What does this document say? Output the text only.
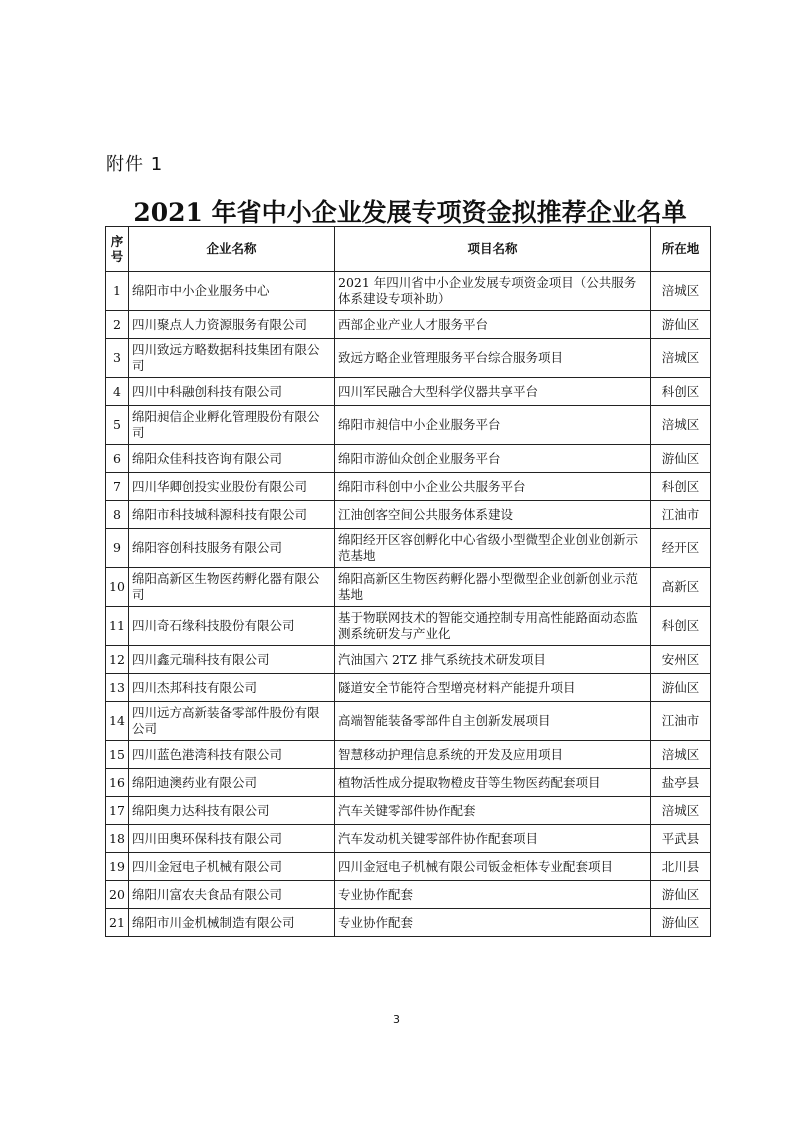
附件 1
2021 年省中小企业发展专项资金拟推荐企业名单
序号	企业名称	项目名称	所在地
1	绵阳市中小企业服务中心	2021 年四川省中小企业发展专项资金项目（公共服务体系建设专项补助）	涪城区
2	四川聚点人力资源服务有限公司	西部企业产业人才服务平台	游仙区
3	四川致远方略数据科技集团有限公司	致远方略企业管理服务平台综合服务项目	涪城区
4	四川中科融创科技有限公司	四川军民融合大型科学仪器共享平台	科创区
5	绵阳昶信企业孵化管理股份有限公司	绵阳市昶信中小企业服务平台	涪城区
6	绵阳众佳科技咨询有限公司	绵阳市游仙众创企业服务平台	游仙区
7	四川华卿创投实业股份有限公司	绵阳市科创中小企业公共服务平台	科创区
8	绵阳市科技城科源科技有限公司	江油创客空间公共服务体系建设	江油市
9	绵阳容创科技服务有限公司	绵阳经开区容创孵化中心省级小型微型企业创业创新示范基地	经开区
10	绵阳高新区生物医药孵化器有限公司	绵阳高新区生物医药孵化器小型微型企业创新创业示范基地	高新区
11	四川奇石缘科技股份有限公司	基于物联网技术的智能交通控制专用高性能路面动态监测系统研发与产业化	科创区
12	四川鑫元瑞科技有限公司	汽油国六 2TZ 排气系统技术研发项目	安州区
13	四川杰邦科技有限公司	隧道安全节能符合型增亮材料产能提升项目	游仙区
14	四川远方高新装备零部件股份有限公司	高端智能装备零部件自主创新发展项目	江油市
15	四川蓝色港湾科技有限公司	智慧移动护理信息系统的开发及应用项目	涪城区
16	绵阳迪澳药业有限公司	植物活性成分提取物橙皮苷等生物医药配套项目	盐亭县
17	绵阳奥力达科技有限公司	汽车关键零部件协作配套	涪城区
18	四川田奥环保科技有限公司	汽车发动机关键零部件协作配套项目	平武县
19	四川金冠电子机械有限公司	四川金冠电子机械有限公司钣金柜体专业配套项目	北川县
20	绵阳川富农夫食品有限公司	专业协作配套	游仙区
21	绵阳市川金机械制造有限公司	专业协作配套	游仙区
3
